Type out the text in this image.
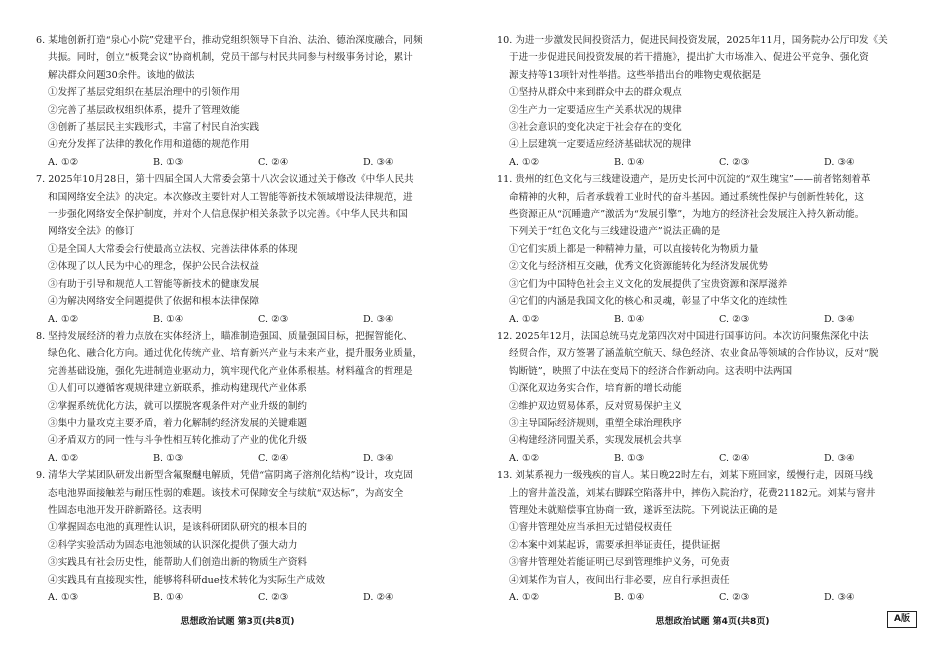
6. 某地创新打造“泉心小院”党建平台，推动党组织领导下自治、法治、德治深度融合，同频
共振。同时，创立“板凳会议”协商机制，党员干部与村民共同参与村级事务讨论，累计
解决群众问题30余件。该地的做法
①发挥了基层党组织在基层治理中的引领作用
②完善了基层政权组织体系，提升了管理效能
③创新了基层民主实践形式，丰富了村民自治实践
④充分发挥了法律的教化作用和道德的规范作用
A. ①②	B. ①③	C. ②④	D. ③④
7. 2025年10月28日，第十四届全国人大常委会第十八次会议通过关于修改《中华人民共
和国网络安全法》的决定。本次修改主要针对人工智能等新技术领域增设法律规范，进
一步强化网络安全保护制度，并对个人信息保护相关条款予以完善。《中华人民共和国
网络安全法》的修订
①是全国人大常委会行使最高立法权、完善法律体系的体现
②体现了以人民为中心的理念，保护公民合法权益
③有助于引导和规范人工智能等新技术的健康发展
④为解决网络安全问题提供了依据和根本法律保障
A. ①②	B. ①④	C. ②③	D. ③④
8. 坚持发展经济的着力点放在实体经济上，瞄准制造强国、质量强国目标，把握智能化、
绿色化、融合化方向。通过优化传统产业、培育新兴产业与未来产业，提升服务业质量，
完善基础设施，强化先进制造业驱动力，筑牢现代化产业体系根基。材料蕴含的哲理是
①人们可以遵循客观规律建立新联系，推动构建现代产业体系
②掌握系统优化方法，就可以摆脱客观条件对产业升级的制约
③集中力量攻克主要矛盾，着力化解制约经济发展的关键难题
④矛盾双方的同一性与斗争性相互转化推动了产业的优化升级
A. ①②	B. ①③	C. ②④	D. ③④
9. 清华大学某团队研发出新型含氟聚醚电解质，凭借“富阴离子溶剂化结构”设计，攻克固
态电池界面接触差与耐压性弱的难题。该技术可保障安全与续航“双达标”，为高安全
性固态电池开发开辟新路径。这表明
①掌握固态电池的真理性认识，是该科研团队研究的根本目的
②科学实验活动为固态电池领域的认识深化提供了强大动力
③实践具有社会历史性，能帮助人们创造出新的物质生产资料
④实践具有直接现实性，能够将科研due技术转化为实际生产成效
A. ①③	B. ①④	C. ②③	D. ②④
思想政治试题 第3页(共8页)
10. 为进一步激发民间投资活力，促进民间投资发展，2025年11月，国务院办公厅印发《关
于进一步促进民间投资发展的若干措施》，提出扩大市场准入、促进公平竞争、强化资
源支持等13项针对性举措。这些举措出台的唯物史观依据是
①坚持从群众中来到群众中去的群众观点
②生产力一定要适应生产关系状况的规律
③社会意识的变化决定于社会存在的变化
④上层建筑一定要适应经济基础状况的规律
A. ①②	B. ①④	C. ②③	D. ③④
11. 贵州的红色文化与三线建设遗产，是历史长河中沉淀的“双生瑰宝”——前者铭刻着革
命精神的火种，后者承载着工业时代的奋斗基因。通过系统性保护与创新性转化，这
些资源正从“沉睡遗产”激活为“发展引擎”，为地方的经济社会发展注入持久新动能。
下列关于“红色文化与三线建设遗产”说法正确的是
①它们实质上都是一种精神力量，可以直接转化为物质力量
②文化与经济相互交融，优秀文化资源能转化为经济发展优势
③它们为中国特色社会主义文化的发展提供了宝贵资源和深厚滋养
④它们的内涵是我国文化的核心和灵魂，彰显了中华文化的连续性
A. ①②	B. ①④	C. ②③	D. ③④
12. 2025年12月，法国总统马克龙第四次对中国进行国事访问。本次访问聚焦深化中法
经贸合作，双方签署了涵盖航空航天、绿色经济、农业食品等领域的合作协议，反对“脱
钩断链”，映照了中法在变局下的经济合作新动向。这表明中法两国
①深化双边务实合作，培育新的增长动能
②维护双边贸易体系，反对贸易保护主义
③主导国际经济规则，重塑全球治理秩序
④构建经济同盟关系，实现发展机会共享
A. ①②	B. ①③	C. ②④	D. ③④
13. 刘某系视力一级残疾的盲人。某日晚22时左右，刘某下班回家，缓慢行走，因斑马线
上的窨井盖没盖，刘某右脚踩空陷落井中，摔伤入院治疗，花费21182元。刘某与窨井
管理处未就赔偿事宜协商一致，遂诉至法院。下列说法正确的是
①窨井管理处应当承担无过错侵权责任
②本案中刘某起诉，需要承担举证责任，提供证据
③窨井管理处若能证明已尽到管理维护义务，可免责
④刘某作为盲人，夜间出行非必要，应自行承担责任
A. ①②	B. ①④	C. ②③	D. ③④
思想政治试题 第4页(共8页)	A版
